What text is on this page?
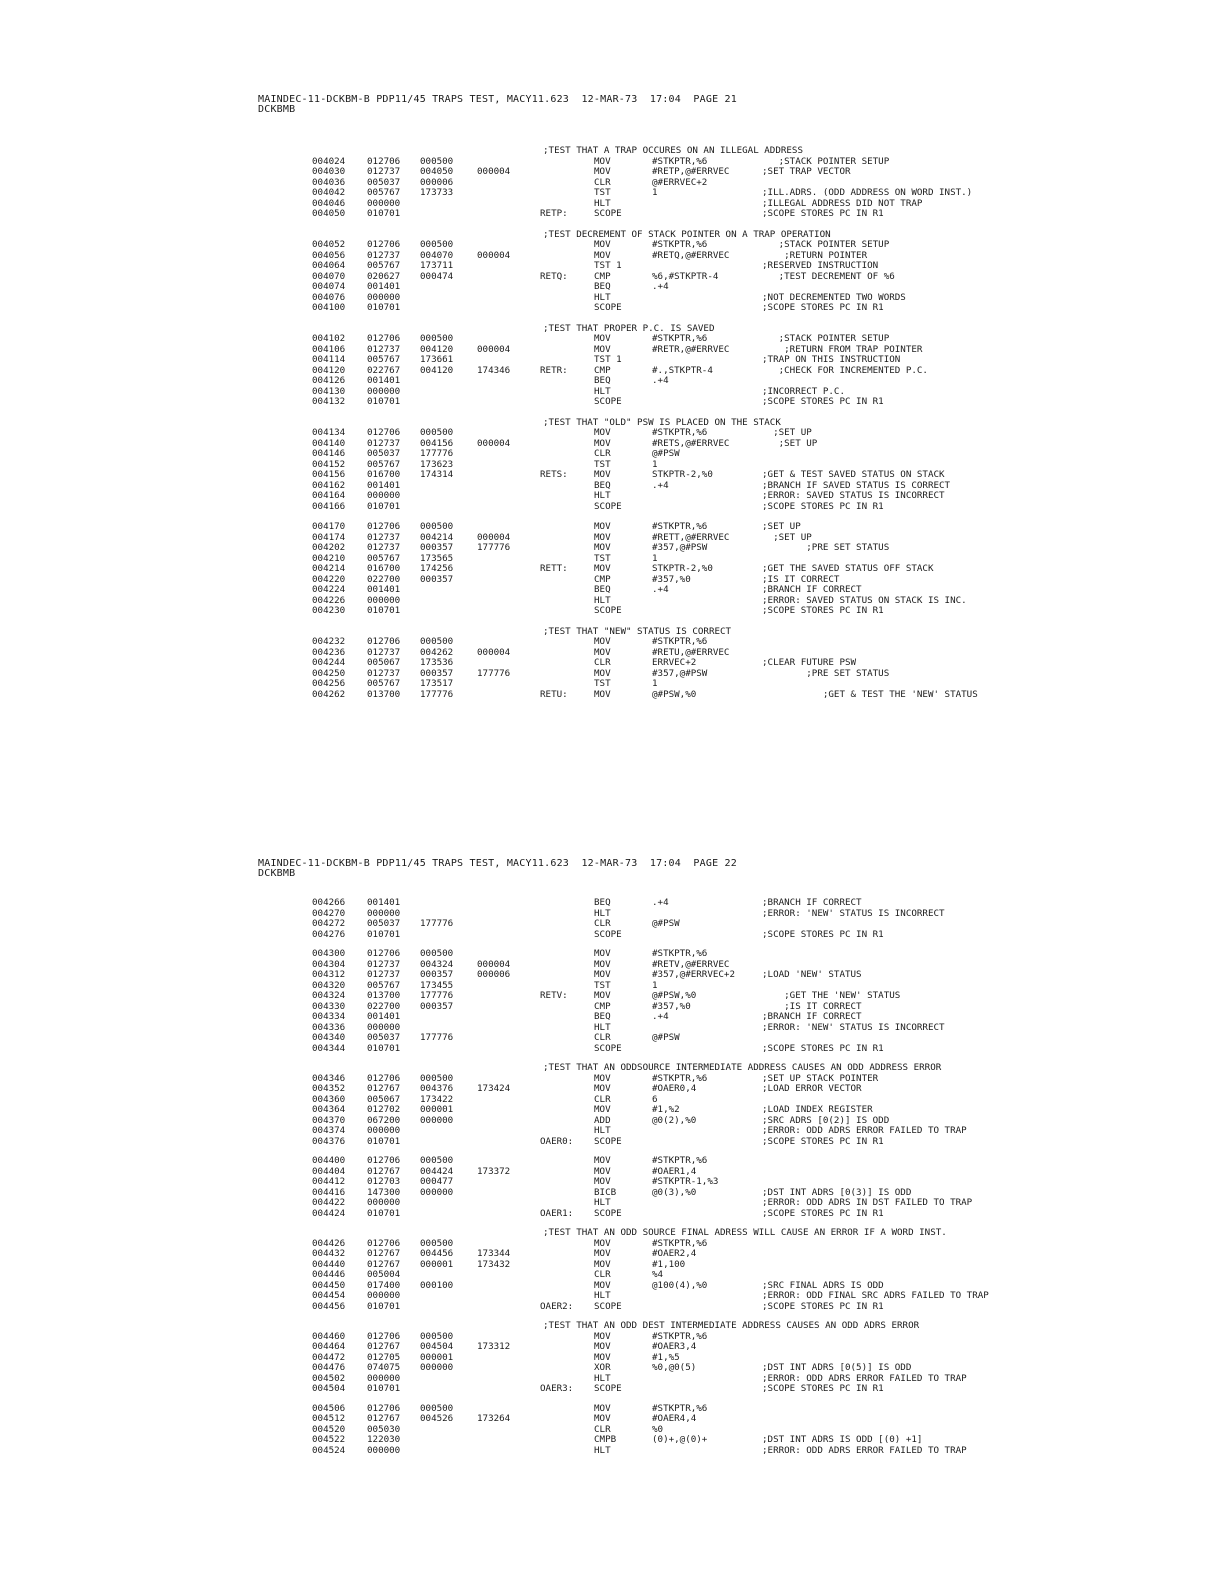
MAINDEC-11-DCKBM-B PDP11/45 TRAPS TEST, MACY11.623  12-MAR-73  17:04  PAGE 21
DCKBMB
;TEST THAT A TRAP OCCURES ON AN ILLEGAL ADDRESS
004024 012706 000500	MOV	#STKPTR,%6	;STACK POINTER SETUP
004030 012737 004050	000004	MOV	#RETP,@#ERRVEC	;SET TRAP VECTOR
004036 005037 000006	CLR	@#ERRVEC+2
004042 005767 173733	TST	1	;ILL.ADRS. (ODD ADDRESS ON WORD INST.)
004046 000000	HLT	;ILLEGAL ADDRESS DID NOT TRAP
004050 010701	RETP:	SCOPE	;SCOPE STORES PC IN R1
;TEST DECREMENT OF STACK POINTER ON A TRAP OPERATION
004052 012706 000500	MOV	#STKPTR,%6	;STACK POINTER SETUP
004056 012737 004070	000004	MOV	#RETQ,@#ERRVEC	;RETURN POINTER
004064 005767 173711	TST 1	;RESERVED INSTRUCTION
004070 020627 000474	RETQ:	CMP	%6,#STKPTR-4	;TEST DECREMENT OF %6
004074 001401	BEQ	.+4
004076 000000	HLT	;NOT DECREMENTED TWO WORDS
004100 010701	SCOPE	;SCOPE STORES PC IN R1
;TEST THAT PROPER P.C. IS SAVED
004102 012706 000500	MOV	#STKPTR,%6	;STACK POINTER SETUP
004106 012737 004120	000004	MOV	#RETR,@#ERRVEC	;RETURN FROM TRAP POINTER
004114 005767 173661	TST 1	;TRAP ON THIS INSTRUCTION
004120 022767 004120	174346	RETR:	CMP	#.,STKPTR-4	;CHECK FOR INCREMENTED P.C.
004126 001401	BEQ	.+4
004130 000000	HLT	;INCORRECT P.C.
004132 010701	SCOPE	;SCOPE STORES PC IN R1
;TEST THAT "OLD" PSW IS PLACED ON THE STACK
004134 012706 000500	MOV	#STKPTR,%6	;SET UP
004140 012737 004156	000004	MOV	#RETS,@#ERRVEC	;SET UP
004146 005037 177776	CLR	@#PSW
004152 005767 173623	TST	1
004156 016700 174314	RETS:	MOV	STKPTR-2,%0	;GET & TEST SAVED STATUS ON STACK
004162 001401	BEQ	.+4	;BRANCH IF SAVED STATUS IS CORRECT
004164 000000	HLT	;ERROR: SAVED STATUS IS INCORRECT
004166 010701	SCOPE	;SCOPE STORES PC IN R1
004170 012706 000500	MOV	#STKPTR,%6	;SET UP
004174 012737 004214	000004	MOV	#RETT,@#ERRVEC	;SET UP
004202 012737 000357	177776	MOV	#357,@#PSW	;PRE SET STATUS
004210 005767 173565	TST	1
004214 016700 174256	RETT:	MOV	STKPTR-2,%0	;GET THE SAVED STATUS OFF STACK
004220 022700 000357	CMP	#357,%0	;IS IT CORRECT
004224 001401	BEQ	.+4	;BRANCH IF CORRECT
004226 000000	HLT	;ERROR: SAVED STATUS ON STACK IS INC.
004230 010701	SCOPE	;SCOPE STORES PC IN R1
;TEST THAT "NEW" STATUS IS CORRECT
004232 012706 000500	MOV	#STKPTR,%6
004236 012737 004262	000004	MOV	#RETU,@#ERRVEC
004244 005067 173536	CLR	ERRVEC+2	;CLEAR FUTURE PSW
004250 012737 000357	177776	MOV	#357,@#PSW	;PRE SET STATUS
004256 005767 173517	TST	1
004262 013700 177776	RETU:	MOV	@#PSW,%0	;GET & TEST THE 'NEW' STATUS
MAINDEC-11-DCKBM-B PDP11/45 TRAPS TEST, MACY11.623  12-MAR-73  17:04  PAGE 22
DCKBMB
004266 001401	BEQ	.+4	;BRANCH IF CORRECT
004270 000000	HLT	;ERROR: 'NEW' STATUS IS INCORRECT
004272 005037 177776	CLR	@#PSW
004276 010701	SCOPE	;SCOPE STORES PC IN R1
004300 012706 000500	MOV	#STKPTR,%6
004304 012737 004324	000004	MOV	#RETV,@#ERRVEC
004312 012737 000357	000006	MOV	#357,@#ERRVEC+2	;LOAD 'NEW' STATUS
004320 005767 173455	TST	1
004324 013700 177776	RETV:	MOV	@#PSW,%0	;GET THE 'NEW' STATUS
004330 022700 000357	CMP	#357,%0	;IS IT CORRECT
004334 001401	BEQ	.+4	;BRANCH IF CORRECT
004336 000000	HLT	;ERROR: 'NEW' STATUS IS INCORRECT
004340 005037 177776	CLR	@#PSW
004344 010701	SCOPE	;SCOPE STORES PC IN R1
;TEST THAT AN ODDSOURCE INTERMEDIATE ADDRESS CAUSES AN ODD ADDRESS ERROR
004346 012706 000500	MOV	#STKPTR,%6	;SET UP STACK POINTER
004352 012767 004376	173424	MOV	#OAER0,4	;LOAD ERROR VECTOR
004360 005067 173422	CLR	6
004364 012702 000001	MOV	#1,%2	;LOAD INDEX REGISTER
004370 067200 000000	ADD	@0(2),%0	;SRC ADRS [0(2)] IS ODD
004374 000000	HLT	;ERROR: ODD ADRS ERROR FAILED TO TRAP
004376 010701	OAER0: SCOPE	;SCOPE STORES PC IN R1
004400 012706 000500	MOV	#STKPTR,%6
004404 012767 004424	173372	MOV	#OAER1,4
004412 012703 000477	MOV	#STKPTR-1,%3
004416 147300 000000	BICB	@0(3),%0	;DST INT ADRS [0(3)] IS ODD
004422 000000	HLT	;ERROR: ODD ADRS IN DST FAILED TO TRAP
004424 010701	OAER1: SCOPE	;SCOPE STORES PC IN R1
;TEST THAT AN ODD SOURCE FINAL ADRESS WILL CAUSE AN ERROR IF A WORD INST.
004426 012706 000500	MOV	#STKPTR,%6
004432 012767 004456	173344	MOV	#OAER2,4
004440 012767 000001	173432	MOV	#1,100
004446 005004	CLR	%4
004450 017400 000100	MOV	@100(4),%0	;SRC FINAL ADRS IS ODD
004454 000000	HLT	;ERROR: ODD FINAL SRC ADRS FAILED TO TRAP
004456 010701	OAER2: SCOPE	;SCOPE STORES PC IN R1
;TEST THAT AN ODD DEST INTERMEDIATE ADDRESS CAUSES AN ODD ADRS ERROR
004460 012706 000500	MOV	#STKPTR,%6
004464 012767 004504	173312	MOV	#OAER3,4
004472 012705 000001	MOV	#1,%5
004476 074075 000000	XOR	%0,@0(5)	;DST INT ADRS [0(5)] IS ODD
004502 000000	HLT	;ERROR: ODD ADRS ERROR FAILED TO TRAP
004504 010701	OAER3: SCOPE	;SCOPE STORES PC IN R1
004506 012706 000500	MOV	#STKPTR,%6
004512 012767 004526	173264	MOV	#OAER4,4
004520 005030	CLR	%0
004522 122030	CMPB	(0)+,@(0)+	;DST INT ADRS IS ODD [(0) +1]
004524 000000	HLT	;ERROR: ODD ADRS ERROR FAILED TO TRAP
